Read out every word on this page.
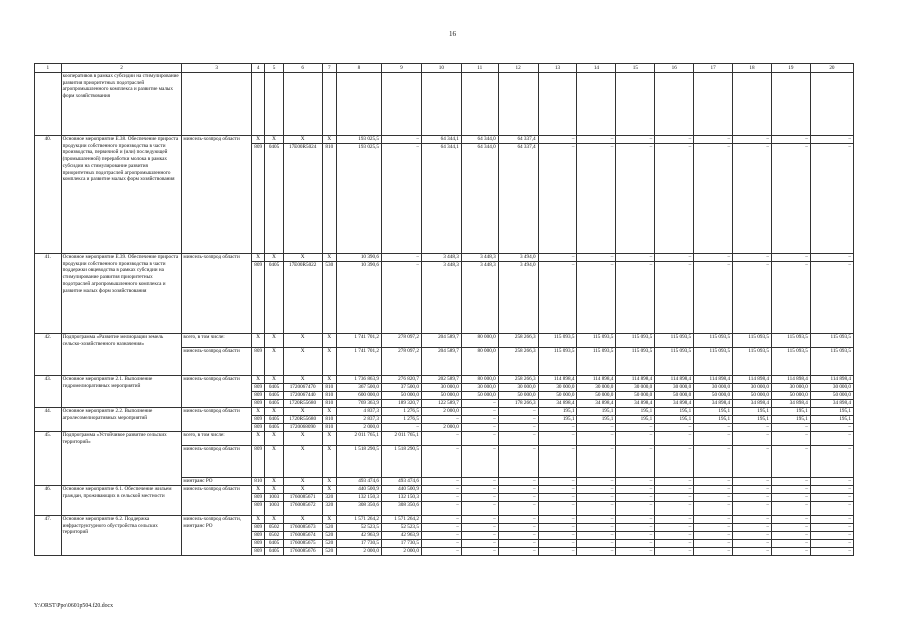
16
1	2	3	4	5	6	7	8	9	10	11	12	13	14	15	16	17	18	19	20
	кооперативов в рамках субсидии на стимулирование развития приоритетных подотраслей агропромышленного комплекса и развитие малых форм хозяйствования																		
40.	Основное мероприятие Е.38. Обеспечение прироста продукции собственного производства в части производства, первичной и (или) последующей (промышленной) переработки молока в рамках субсидии на стимулирование развития приоритетных подотраслей агропромышленного комплекса и развитие малых форм хозяйствования	минсель-хозпрод области	X	X	X	X	193 025,5	–	64 344,1	64 344,0	64 337,4	–	–	–	–	–	–	–	–
			809	0405	17Е00R5024	810	193 025,5	–	64 344,1	64 344,0	64 337,4	–	–	–	–	–	–	–	–
41.	Основное мероприятие Е.39. Обеспечение прироста продукции собственного производства в части поддержки овцеводства в рамках субсидии на стимулирование развития приоритетных подотраслей агропромышленного комплекса и развитие малых форм хозяйствования	минсель-хозпрод области	X	X	X	X	10 390,6	–	3 448,3	3 448,3	3 494,0	–	–	–	–	–	–	–	–
			809	0405	17Е00R5022	530	10 390,6	–	3 448,3	3 448,3	3 494,0	–	–	–	–	–	–	–	–
42.	Подпрограмма «Развитие мелиорации земель сельско-хозяйственного назначения»	всего, в том числе:	X	X	X	X	1 741 701,2	278 097,2	204 589,7	80 000,0	258 266,3	115 093,5	115 093,5	115 093,5	115 093,5	115 093,5	115 093,5	115 093,5	115 093,5
		минсель-хозпрод области	809	X	X	X	1 741 701,2	278 097,2	204 589,7	80 000,0	258 266,3	115 093,5	115 093,5	115 093,5	115 093,5	115 093,5	115 093,5	115 093,5	115 093,5
43.	Основное мероприятие 2.1. Выполнение гидромелиоративных мероприятий	минсель-хозпрод области	X	X	X	X	1 736 863,9	276 820,7	202 589,7	80 000,0	258 266,3	114 898,4	114 898,4	114 898,4	114 898,4	114 898,4	114 898,4	114 898,4	114 898,4
			809	0405	1720067470	810	367 500,0	37 500,0	30 000,0	30 000,0	30 000,0	30 000,0	30 000,0	30 000,0	30 000,0	30 000,0	30 000,0	30 000,0	30 000,0
			809	0405	1720067440	810	600 000,0	50 000,0	50 000,0	50 000,0	50 000,0	50 000,0	50 000,0	50 000,0	50 000,0	50 000,0	50 000,0	50 000,0	50 000,0
			809	0405	1720R55680	810	769 363,9	189 320,7	122 589,7	–	178 266,3	34 898,4	34 898,4	34 898,4	34 898,4	34 898,4	34 898,4	34 898,4	34 898,4
44.	Основное мероприятие 2.2. Выполнение агролесомелиоративных мероприятий	минсель-хозпрод области	X	X	X	X	4 837,3	1 276,5	2 000,0	–	–	195,1	195,1	195,1	195,1	195,1	195,1	195,1	195,1
			809	0405	1720R55680	810	2 837,3	1 276,5	–	–	–	195,1	195,1	195,1	195,1	195,1	195,1	195,1	195,1
			809	0405	1720068090	810	2 000,0	–	2 000,0	–	–	–	–	–	–	–	–	–	–
45.	Подпрограмма «Устойчивое развитие сельских территорий»	всего, в том числе:	X	X	X	X	2 011 765,1	2 011 765,1	–	–	–	–	–	–	–	–	–	–	–
		минсель-хозпрод области	809	X	X	X	1 518 290,5	1 518 290,5	–	–	–	–	–	–	–	–	–	–	–
		минтранс РО	810	X	X	X	493 474,6	493 474,6	–	–	–	–	–	–	–	–	–	–	–
46.	Основное мероприятие 6.1. Обеспечение жильем граждан, проживающих в сельской местности	минсель-хозпрод области	X	X	X	X	440 500,9	440 500,9	–	–	–	–	–	–	–	–	–	–	–
			809	1003	1760085671	320	132 150,3	132 150,3	–	–	–	–	–	–	–	–	–	–	–
			809	1003	1760085672	320	308 350,6	308 350,6	–	–	–	–	–	–	–	–	–	–	–
47.	Основное мероприятие 6.2. Поддержка инфраструктурного обустройства сельских территорий	минсель-хозпрод области, минтранс РО	X	X	X	X	1 571 264,2	1 571 264,2	–	–	–	–	–	–	–	–	–	–	–
			809	0502	1760085673	520	52 523,5	52 523,5	–	–	–	–	–	–	–	–	–	–	–
			809	0502	1760085674	520	42 963,9	42 963,9	–	–	–	–	–	–	–	–	–	–	–
			809	0405	1760085675	520	17 730,5	17 730,5	–	–	–	–	–	–	–	–	–	–	–
			809	0405	1760085676	520	2 000,0	2 000,0	–	–	–	–	–	–	–	–	–	–	–
Y:\ORST\Ppo\0601p504.f20.docx
